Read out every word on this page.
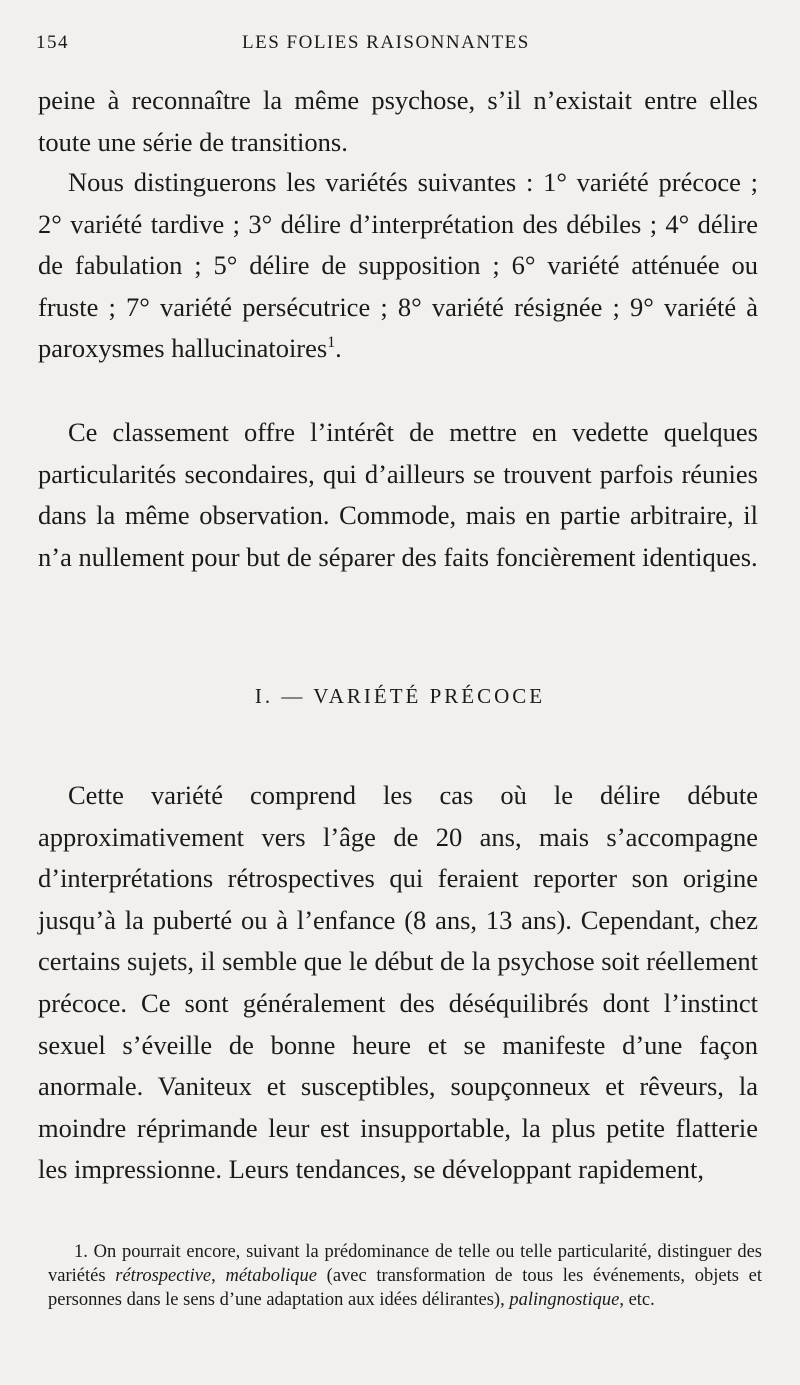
154	LES FOLIES RAISONNANTES

peine à reconnaître la même psychose, s’il n’existait entre elles toute une série de transitions.

Nous distinguerons les variétés suivantes : 1° variété précoce ; 2° variété tardive ; 3° délire d’interprétation des débiles ; 4° délire de fabulation ; 5° délire de supposition ; 6° variété atténuée ou fruste ; 7° variété persécutrice ; 8° variété résignée ; 9° variété à paroxysmes hallucinatoires$^1$.

Ce classement offre l’intérêt de mettre en vedette quelques particularités secondaires, qui d’ailleurs se trouvent parfois réunies dans la même observation. Commode, mais en partie arbitraire, il n’a nullement pour but de séparer des faits foncièrement identiques.

I. — VARIÉTÉ PRÉCOCE

Cette variété comprend les cas où le délire débute approximativement vers l’âge de 20 ans, mais s’accompagne d’interprétations rétrospectives qui feraient reporter son origine jusqu’à la puberté ou à l’enfance (8 ans, 13 ans). Cependant, chez certains sujets, il semble que le début de la psychose soit réellement précoce. Ce sont généralement des déséquilibrés dont l’instinct sexuel s’éveille de bonne heure et se manifeste d’une façon anormale. Vaniteux et susceptibles, soupçonneux et rêveurs, la moindre réprimande leur est insupportable, la plus petite flatterie les impressionne. Leurs tendances, se développant rapidement,

1. On pourrait encore, suivant la prédominance de telle ou telle particularité, distinguer des variétés rétrospective, métabolique (avec transformation de tous les événements, objets et personnes dans le sens d’une adaptation aux idées délirantes), palingnostique, etc.
